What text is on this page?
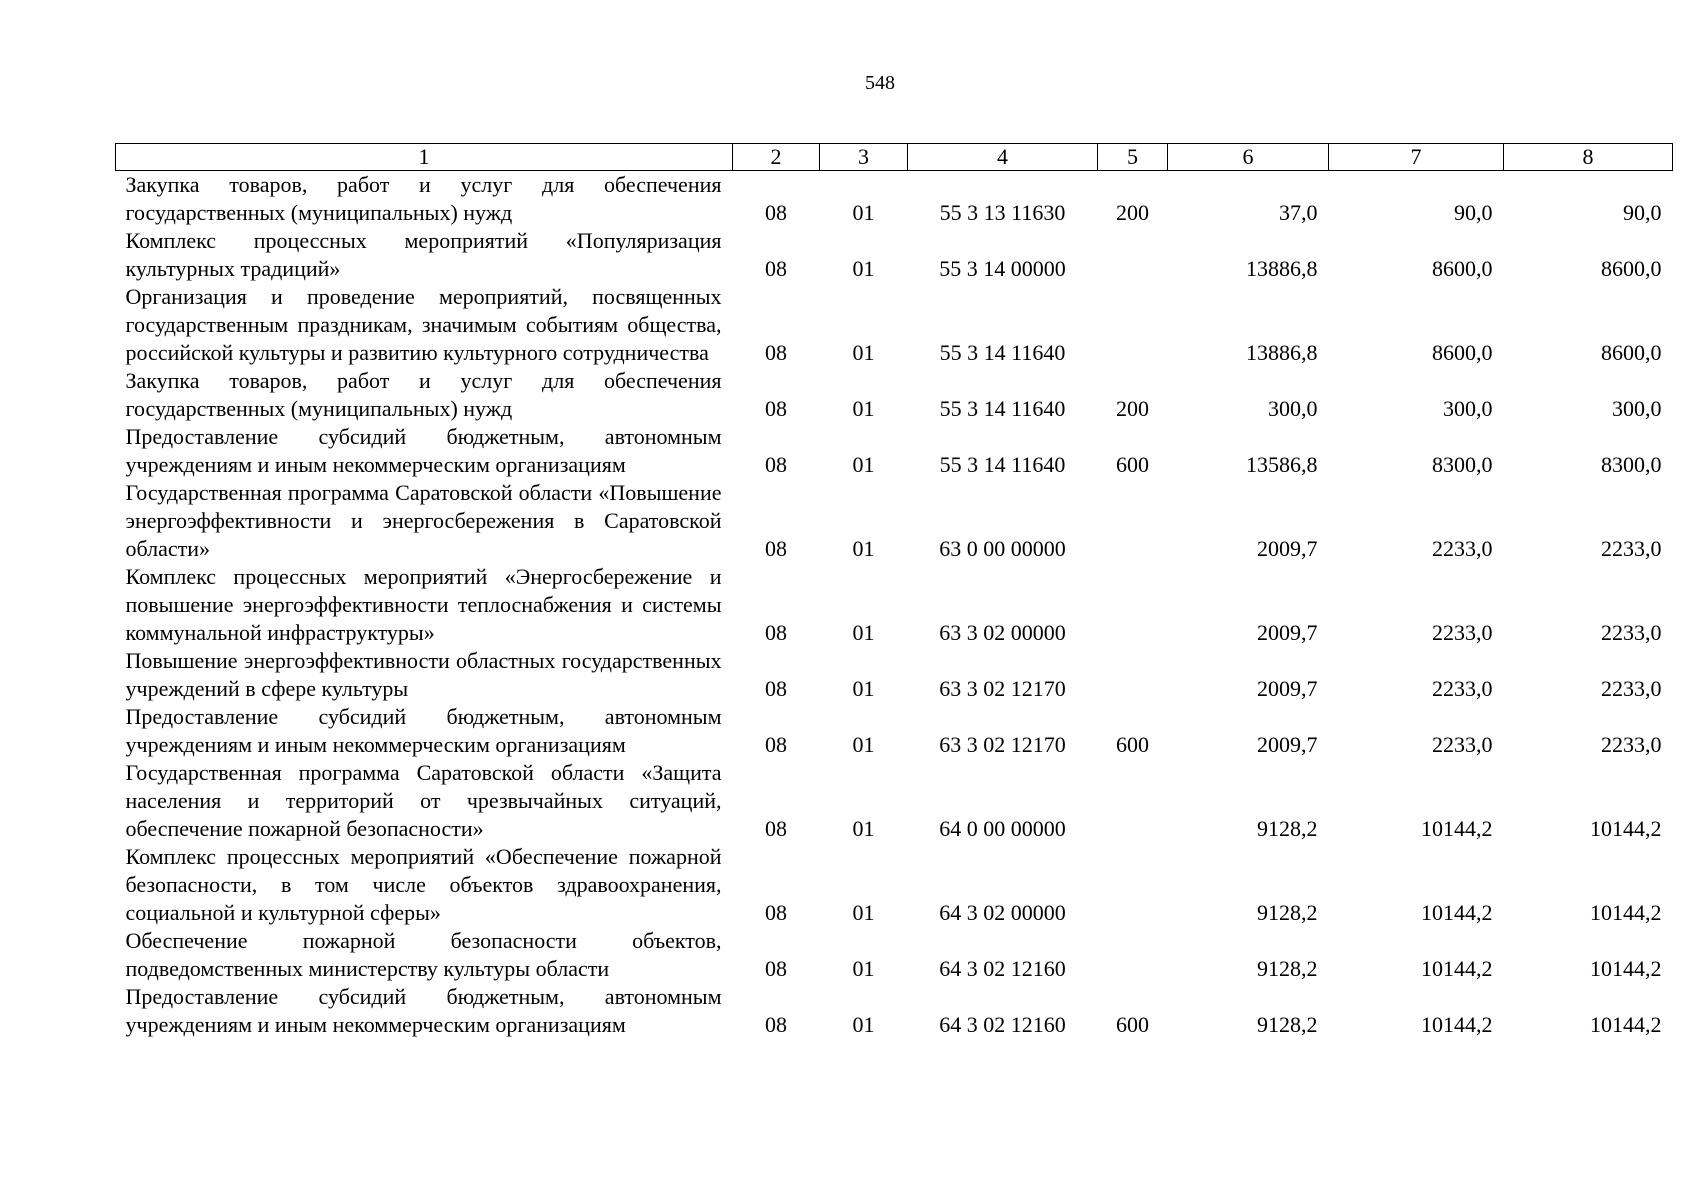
548
1	2	3	4	5	6	7	8
Закупка товаров, работ и услуг для обеспечения государственных (муниципальных) нужд	08	01	55 3 13 11630	200	37,0	90,0	90,0
Комплекс процессных мероприятий «Популяризация культурных традиций»	08	01	55 3 14 00000		13886,8	8600,0	8600,0
Организация и проведение мероприятий, посвященных государственным праздникам, значимым событиям общества, российской культуры и развитию культурного сотрудничества	08	01	55 3 14 11640		13886,8	8600,0	8600,0
Закупка товаров, работ и услуг для обеспечения государственных (муниципальных) нужд	08	01	55 3 14 11640	200	300,0	300,0	300,0
Предоставление субсидий бюджетным, автономным учреждениям и иным некоммерческим организациям	08	01	55 3 14 11640	600	13586,8	8300,0	8300,0
Государственная программа Саратовской области «Повышение энергоэффективности и энергосбережения в Саратовской области»	08	01	63 0 00 00000		2009,7	2233,0	2233,0
Комплекс процессных мероприятий «Энергосбережение и повышение энергоэффективности теплоснабжения и системы коммунальной инфраструктуры»	08	01	63 3 02 00000		2009,7	2233,0	2233,0
Повышение энергоэффективности областных государственных учреждений в сфере культуры	08	01	63 3 02 12170		2009,7	2233,0	2233,0
Предоставление субсидий бюджетным, автономным учреждениям и иным некоммерческим организациям	08	01	63 3 02 12170	600	2009,7	2233,0	2233,0
Государственная программа Саратовской области «Защита населения и территорий от чрезвычайных ситуаций, обеспечение пожарной безопасности»	08	01	64 0 00 00000		9128,2	10144,2	10144,2
Комплекс процессных мероприятий «Обеспечение пожарной безопасности, в том числе объектов здравоохранения, социальной и культурной сферы»	08	01	64 3 02 00000		9128,2	10144,2	10144,2
Обеспечение пожарной безопасности объектов, подведомственных министерству культуры области	08	01	64 3 02 12160		9128,2	10144,2	10144,2
Предоставление субсидий бюджетным, автономным учреждениям и иным некоммерческим организациям	08	01	64 3 02 12160	600	9128,2	10144,2	10144,2
